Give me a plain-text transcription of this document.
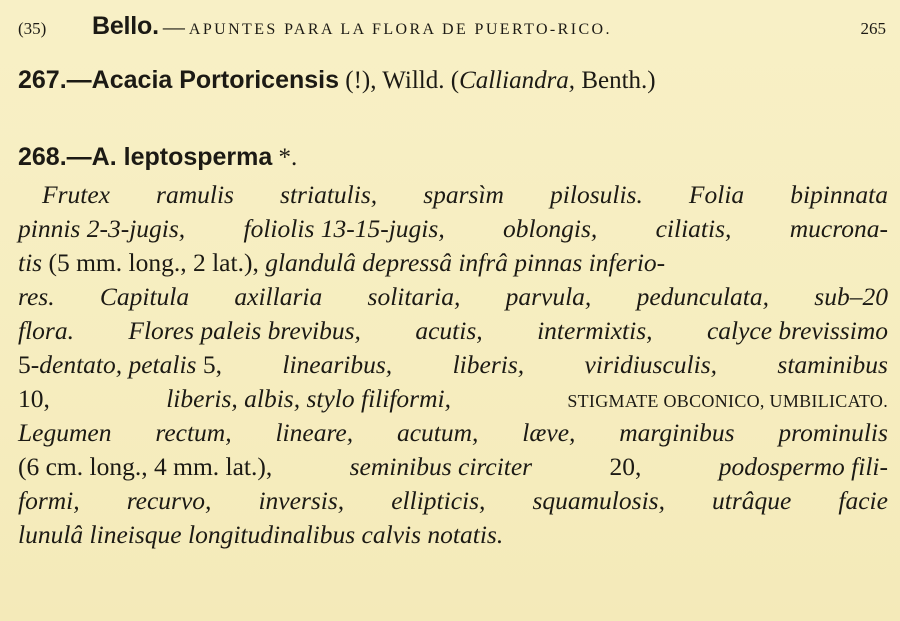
(35)	Bello. — APUNTES PARA LA FLORA DE PUERTO-RICO.	265
267.—Acacia Portoricensis (!), Willd. (Calliandra, Benth.)
268.—A. leptosperma *.
Frutex ramulis striatulis, sparsìm pilosulis. Folia bipinnata
pinnis 2-3-jugis, foliolis 13-15-jugis, oblongis, ciliatis, mucrona-
tis (5 mm. long., 2 lat.), glandulâ depressâ infrâ pinnas inferio-
res. Capitula axillaria solitaria, parvula, pedunculata, sub–20
flora. Flores paleis brevibus, acutis, intermixtis, calyce brevissimo
5-dentato, petalis 5, linearibus, liberis, viridiusculis, staminibus
10,	liberis, albis, stylo filiformi,	STIGMATE OBCONICO, UMBILICATO.
Legumen rectum, lineare, acutum, læve, marginibus prominulis
(6 cm. long., 4 mm. lat.),	seminibus circiter	20,	podospermo fili-
formi, recurvo, inversis, ellipticis, squamulosis, utrâque facie
lunulâ lineisque longitudinalibus calvis notatis.
